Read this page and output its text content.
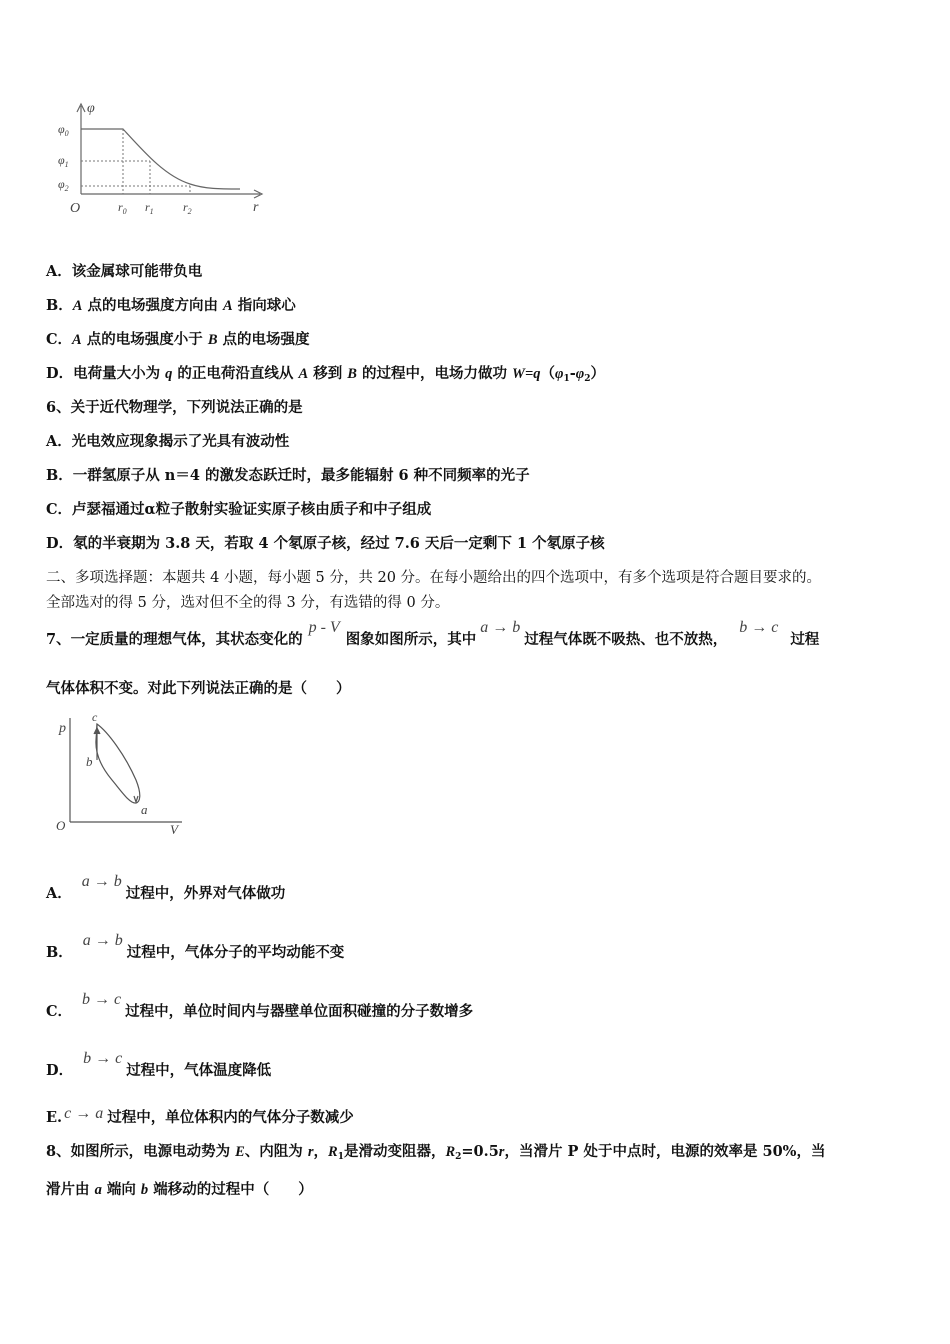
φ
$\varphi_0$
$\varphi_1$
$\varphi_2$
O	$r_0$ $r_1$ $r_2$	r
A．该金属球可能带负电
B．A 点的电场强度方向由 A 指向球心
C．A 点的电场强度小于 B 点的电场强度
D．电荷量大小为 q 的正电荷沿直线从 A 移到 B 的过程中，电场力做功 $W=q(\varphi_1-\varphi_2)$
6、关于近代物理学，下列说法正确的是
A．光电效应现象揭示了光具有波动性
B．一群氢原子从 n＝4 的激发态跃迁时，最多能辐射 6 种不同频率的光子
C．卢瑟福通过α粒子散射实验证实原子核由质子和中子组成
D．氡的半衰期为 3.8 天，若取 4 个氡原子核，经过 7.6 天后一定剩下 1 个氡原子核
二、多项选择题：本题共 4 小题，每小题 5 分，共 20 分。在每小题给出的四个选项中，有多个选项是符合题目要求的。
全部选对的得 5 分，选对但不全的得 3 分，有选错的得 0 分。
7、一定质量的理想气体，其状态变化的p - V图象如图所示，其中a → b过程气体既不吸热、也不放热，b → c过程
气体体积不变。对此下列说法正确的是（　　）
p
V
O
a
b
c
A．a → b过程中，外界对气体做功
B．a → b过程中，气体分子的平均动能不变
C．b → c过程中，单位时间内与器壁单位面积碰撞的分子数增多
D．b → c过程中，气体温度降低
E. c → a 过程中，单位体积内的气体分子数减少
8、如图所示，电源电动势为 E、内阻为 r，$R_1$是滑动变阻器，$R_2=0.5r$，当滑片 P 处于中点时，电源的效率是 50%，当
滑片由 a 端向 b 端移动的过程中（　　）
